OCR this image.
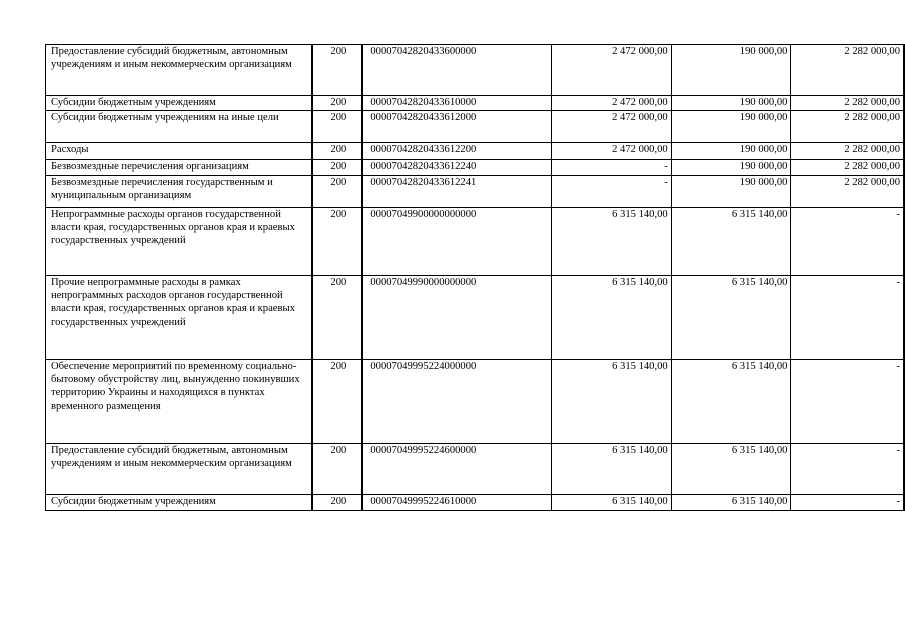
Предоставление субсидий бюджетным, автономным учреждениям и иным некоммерческим организациям	200	00007042820433600000	2 472 000,00	190 000,00	2 282 000,00
Субсидии бюджетным учреждениям	200	00007042820433610000	2 472 000,00	190 000,00	2 282 000,00
Субсидии бюджетным учреждениям на иные цели	200	00007042820433612000	2 472 000,00	190 000,00	2 282 000,00
Расходы	200	00007042820433612200	2 472 000,00	190 000,00	2 282 000,00
Безвозмездные перечисления организациям	200	00007042820433612240	-	190 000,00	2 282 000,00
Безвозмездные перечисления государственным и муниципальным организациям	200	00007042820433612241	-	190 000,00	2 282 000,00
Непрограммные расходы органов государственной власти края, государственных органов края и краевых государственных учреждений	200	00007049900000000000	6 315 140,00	6 315 140,00	-
Прочие непрограммные расходы в рамках непрограммных расходов органов государственной власти края, государственных органов края и краевых государственных учреждений	200	00007049990000000000	6 315 140,00	6 315 140,00	-
Обеспечение мероприятий по временному социально-бытовому обустройству лиц, вынужденно покинувших территорию Украины и находящихся в пунктах временного размещения	200	00007049995224000000	6 315 140,00	6 315 140,00	-
Предоставление субсидий бюджетным, автономным учреждениям и иным некоммерческим организациям	200	00007049995224600000	6 315 140,00	6 315 140,00	-
Субсидии бюджетным учреждениям	200	00007049995224610000	6 315 140,00	6 315 140,00	-
